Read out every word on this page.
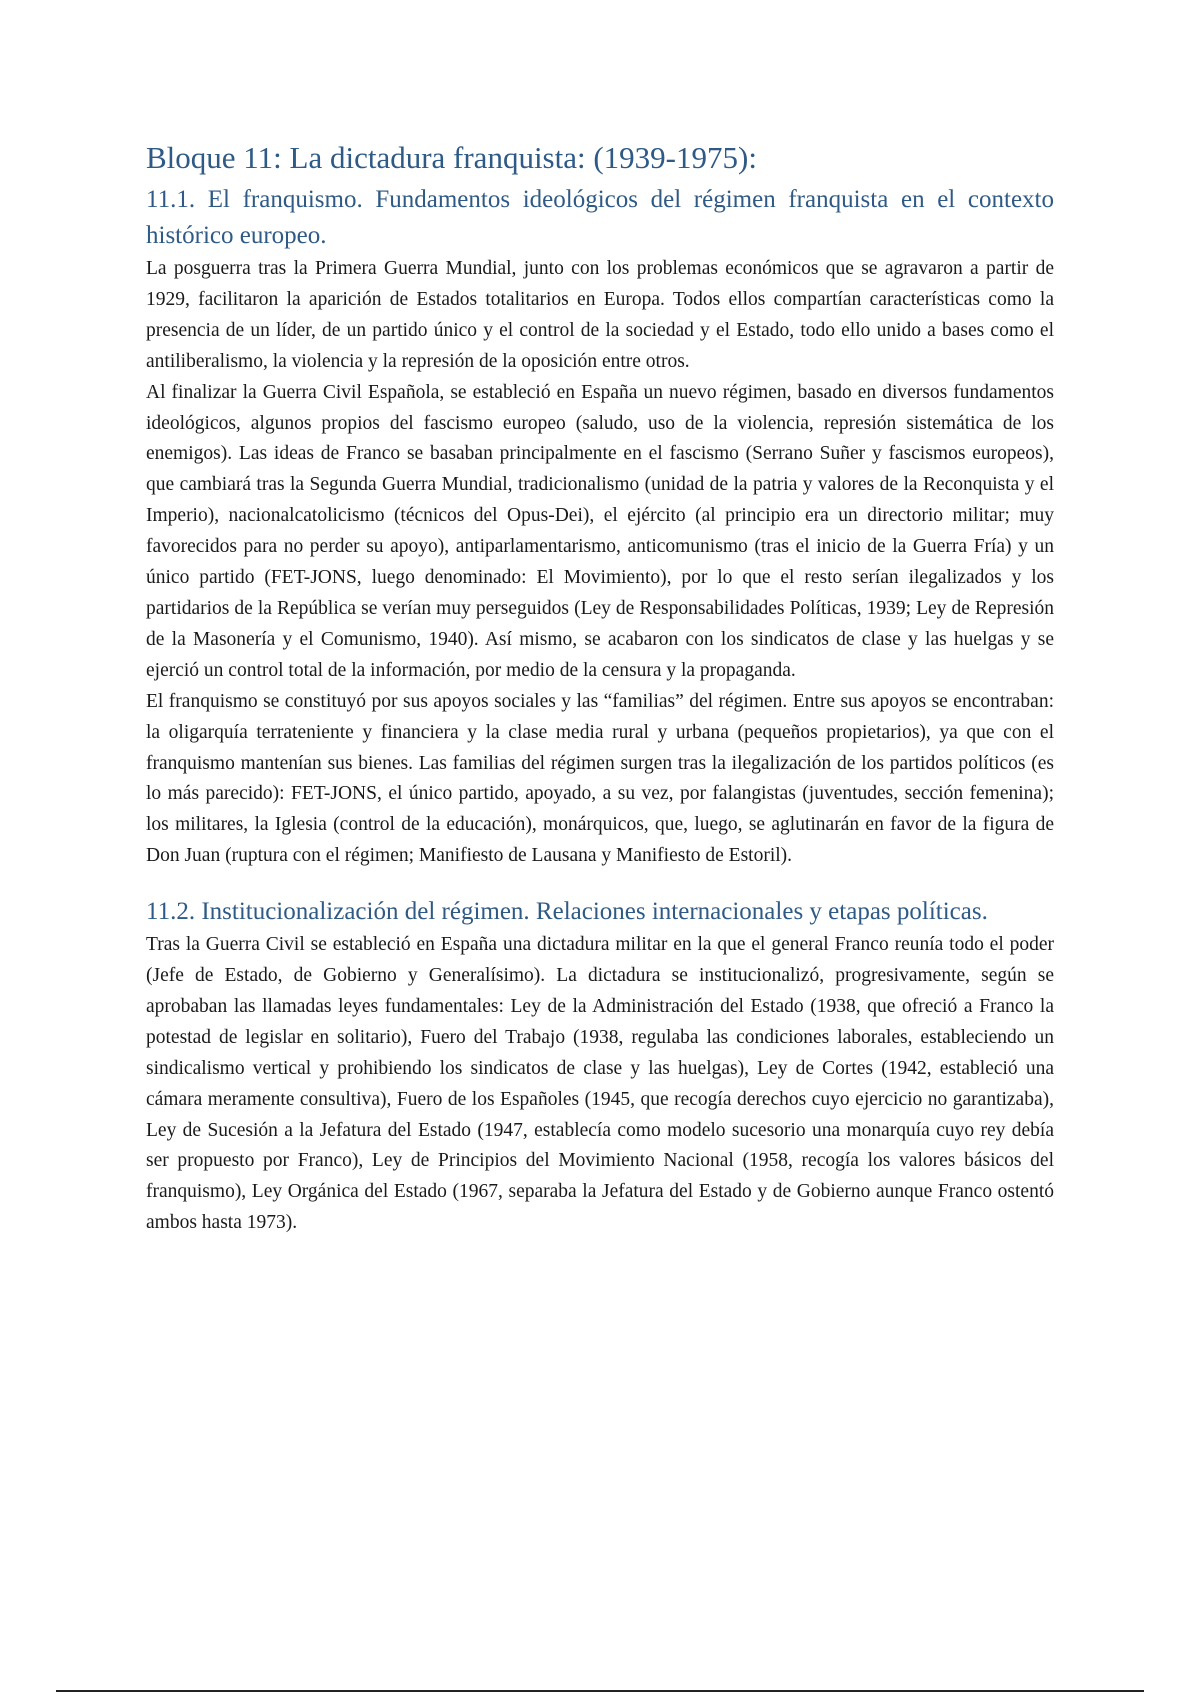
Bloque 11: La dictadura franquista: (1939-1975):
11.1. El franquismo. Fundamentos ideológicos del régimen franquista en el contexto histórico europeo.

La posguerra tras la Primera Guerra Mundial, junto con los problemas económicos que se agravaron a partir de 1929, facilitaron la aparición de Estados totalitarios en Europa. Todos ellos compartían características como la presencia de un líder, de un partido único y el control de la sociedad y el Estado, todo ello unido a bases como el antiliberalismo, la violencia y la represión de la oposición entre otros.

Al finalizar la Guerra Civil Española, se estableció en España un nuevo régimen, basado en diversos fundamentos ideológicos, algunos propios del fascismo europeo (saludo, uso de la violencia, represión sistemática de los enemigos). Las ideas de Franco se basaban principalmente en el fascismo (Serrano Suñer y fascismos europeos), que cambiará tras la Segunda Guerra Mundial, tradicionalismo (unidad de la patria y valores de la Reconquista y el Imperio), nacionalcatolicismo (técnicos del Opus-Dei), el ejército (al principio era un directorio militar; muy favorecidos para no perder su apoyo), antiparlamentarismo, anticomunismo (tras el inicio de la Guerra Fría) y un único partido (FET-JONS, luego denominado: El Movimiento), por lo que el resto serían ilegalizados y los partidarios de la República se verían muy perseguidos (Ley de Responsabilidades Políticas, 1939; Ley de Represión de la Masonería y el Comunismo, 1940). Así mismo, se acabaron con los sindicatos de clase y las huelgas y se ejerció un control total de la información, por medio de la censura y la propaganda.

El franquismo se constituyó por sus apoyos sociales y las “familias” del régimen. Entre sus apoyos se encontraban: la oligarquía terrateniente y financiera y la clase media rural y urbana (pequeños propietarios), ya que con el franquismo mantenían sus bienes. Las familias del régimen surgen tras la ilegalización de los partidos políticos (es lo más parecido): FET-JONS, el único partido, apoyado, a su vez, por falangistas (juventudes, sección femenina); los militares, la Iglesia (control de la educación), monárquicos, que, luego, se aglutinarán en favor de la figura de Don Juan (ruptura con el régimen; Manifiesto de Lausana y Manifiesto de Estoril).

11.2. Institucionalización del régimen. Relaciones internacionales y etapas políticas.

Tras la Guerra Civil se estableció en España una dictadura militar en la que el general Franco reunía todo el poder (Jefe de Estado, de Gobierno y Generalísimo). La dictadura se institucionalizó, progresivamente, según se aprobaban las llamadas leyes fundamentales: Ley de la Administración del Estado (1938, que ofreció a Franco la potestad de legislar en solitario), Fuero del Trabajo (1938, regulaba las condiciones laborales, estableciendo un sindicalismo vertical y prohibiendo los sindicatos de clase y las huelgas), Ley de Cortes (1942, estableció una cámara meramente consultiva), Fuero de los Españoles (1945, que recogía derechos cuyo ejercicio no garantizaba), Ley de Sucesión a la Jefatura del Estado (1947, establecía como modelo sucesorio una monarquía cuyo rey debía ser propuesto por Franco), Ley de Principios del Movimiento Nacional (1958, recogía los valores básicos del franquismo), Ley Orgánica del Estado (1967, separaba la Jefatura del Estado y de Gobierno aunque Franco ostentó ambos hasta 1973).
